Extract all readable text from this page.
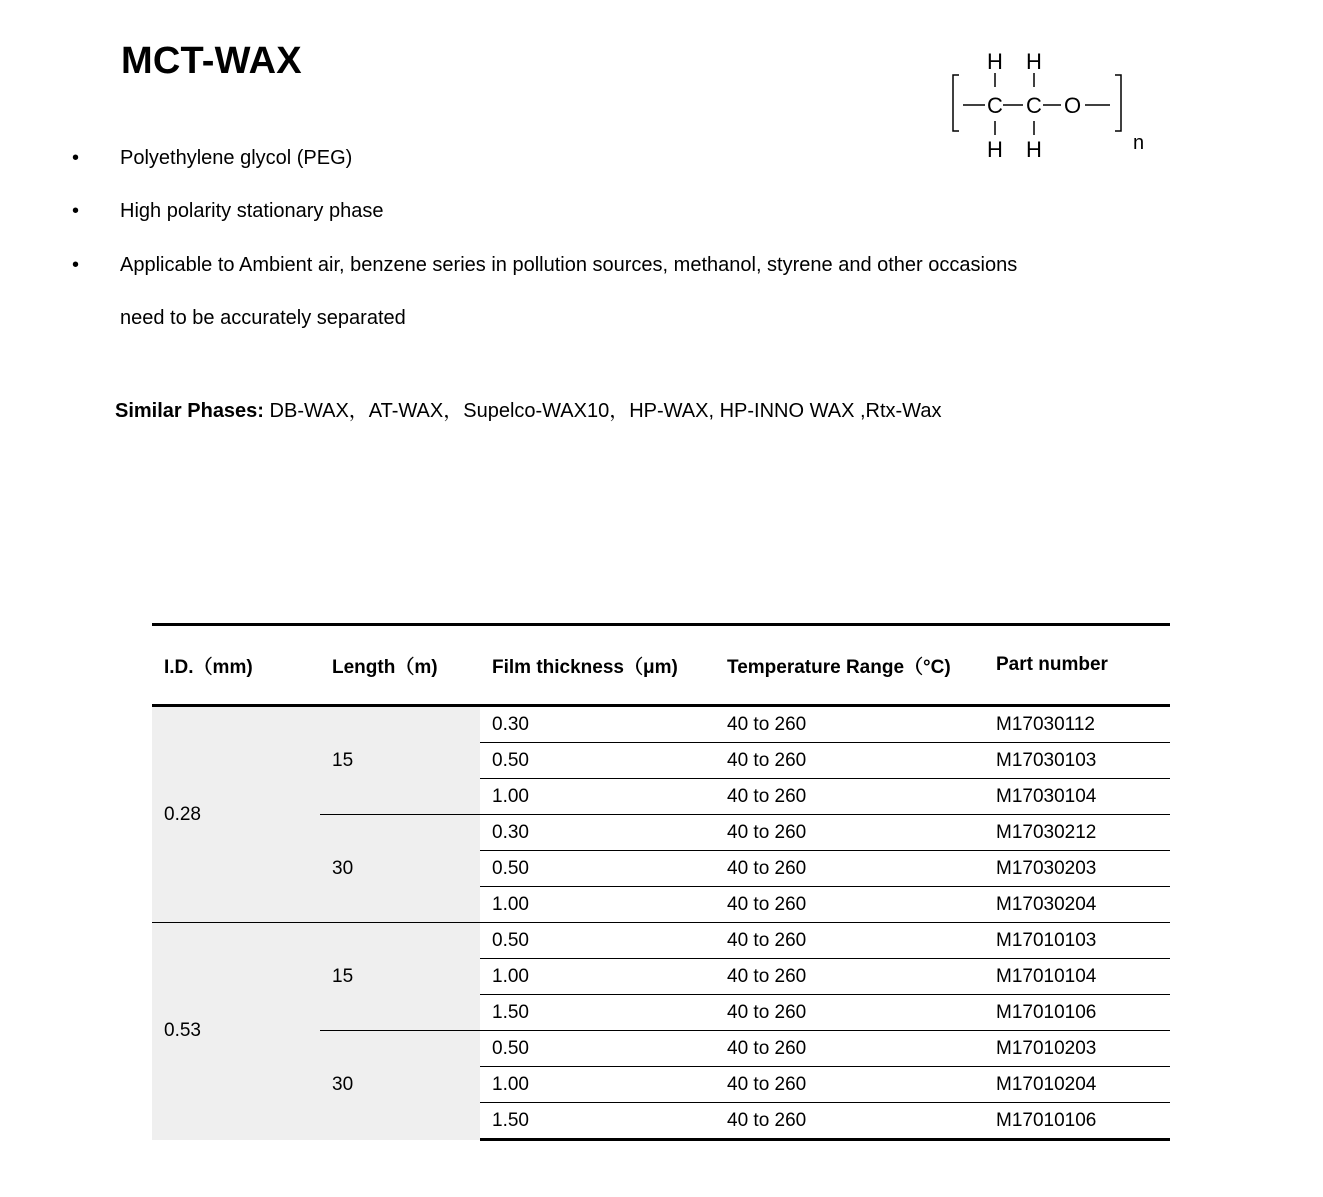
MCT-WAX	H H
C C O
H H	n
• Polyethylene glycol (PEG)
• High polarity stationary phase
• Applicable to Ambient air, benzene series in pollution sources, methanol, styrene and other occasions
need to be accurately separated
Similar Phases: DB-WAX，AT-WAX，Supelco-WAX10，HP-WAX, HP-INNO WAX ,Rtx-Wax
I.D.（mm)	Length（m)	Film thickness（μm)	Temperature Range（°C)	Part number
0.28	15	0.30	40 to 260	M17030112
		0.50	40 to 260	M17030103
		1.00	40 to 260	M17030104
	30	0.30	40 to 260	M17030212
		0.50	40 to 260	M17030203
		1.00	40 to 260	M17030204
0.53	15	0.50	40 to 260	M17010103
		1.00	40 to 260	M17010104
		1.50	40 to 260	M17010106
	30	0.50	40 to 260	M17010203
		1.00	40 to 260	M17010204
		1.50	40 to 260	M17010106
